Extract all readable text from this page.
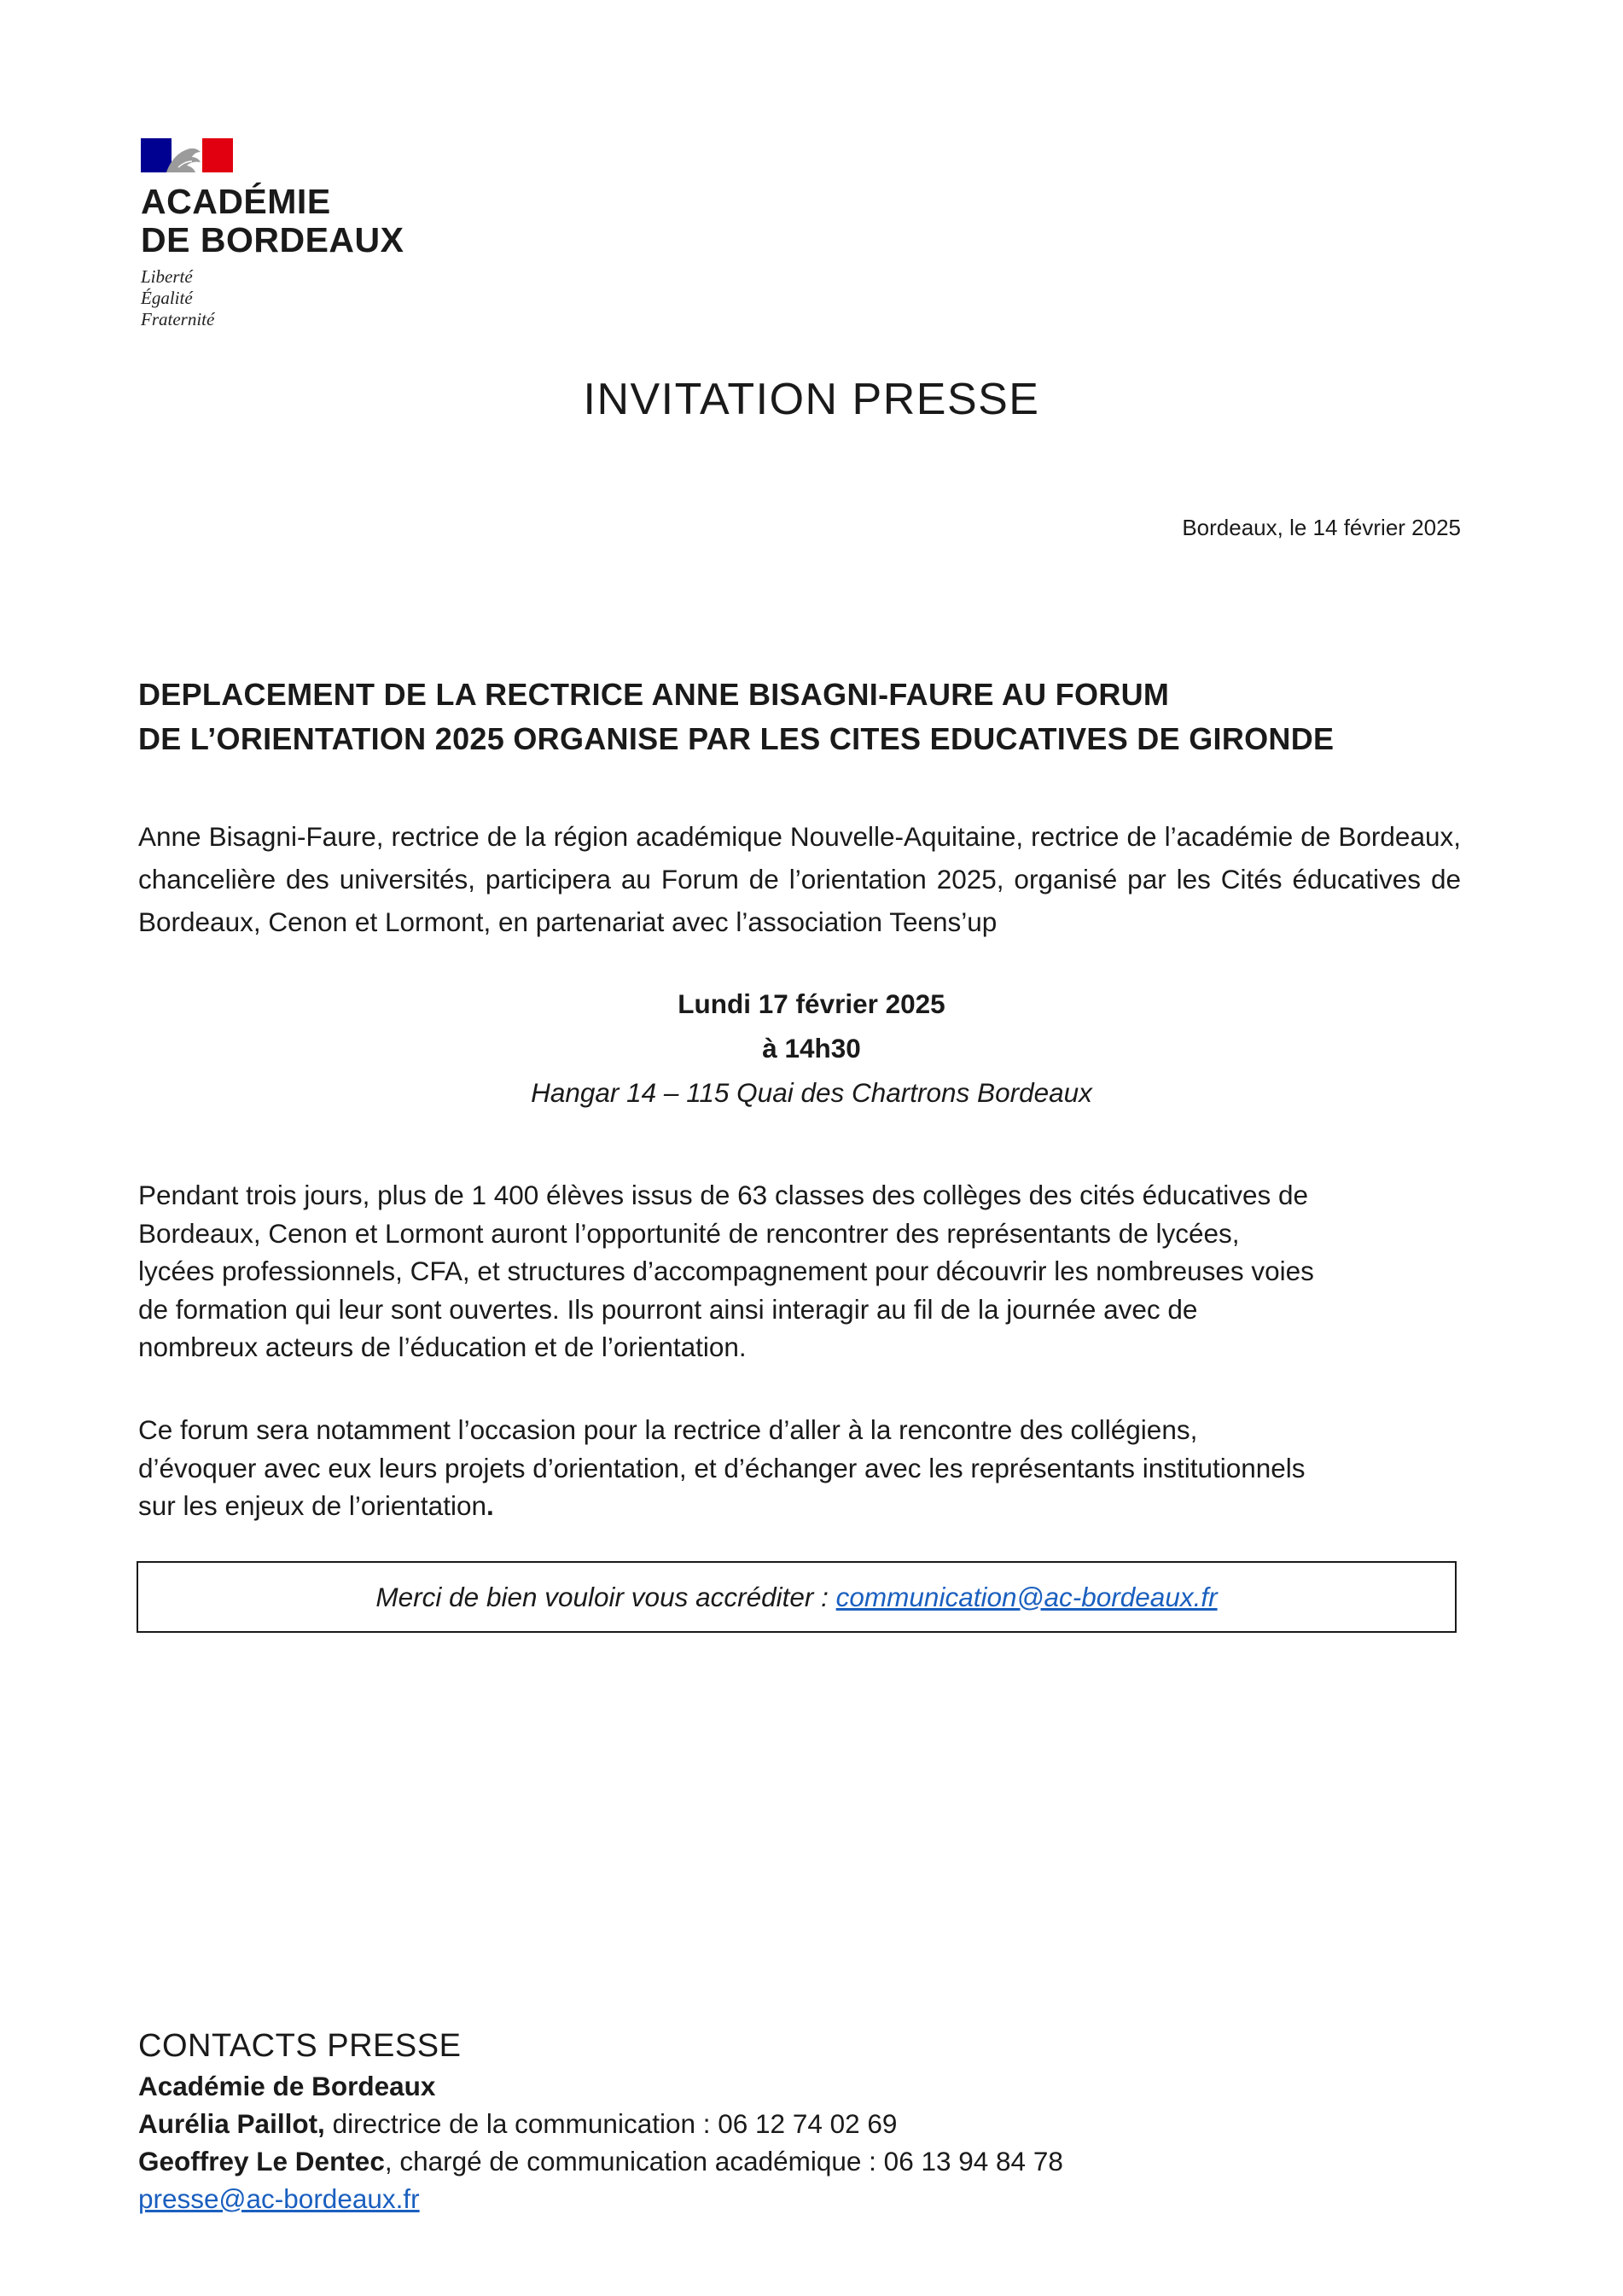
ACADÉMIE
DE BORDEAUX
Liberté
Égalité
Fraternité
INVITATION PRESSE
Bordeaux, le 14 février 2025
DEPLACEMENT DE LA RECTRICE ANNE BISAGNI-FAURE AU FORUM
DE L’ORIENTATION 2025 ORGANISE PAR LES CITES EDUCATIVES DE GIRONDE
Anne Bisagni-Faure, rectrice de la région académique Nouvelle-Aquitaine, rectrice de l’académie de Bordeaux, chancelière des universités, participera au Forum de l’orientation 2025, organisé par les Cités éducatives de Bordeaux, Cenon et Lormont, en partenariat avec l’association Teens’up
Lundi 17 février 2025
à 14h30
Hangar 14 – 115 Quai des Chartrons Bordeaux
Pendant trois jours, plus de 1 400 élèves issus de 63 classes des collèges des cités éducatives de
Bordeaux, Cenon et Lormont auront l’opportunité de rencontrer des représentants de lycées,
lycées professionnels, CFA, et structures d’accompagnement pour découvrir les nombreuses voies
de formation qui leur sont ouvertes. Ils pourront ainsi interagir au fil de la journée avec de
nombreux acteurs de l’éducation et de l’orientation.
Ce forum sera notamment l’occasion pour la rectrice d’aller à la rencontre des collégiens,
d’évoquer avec eux leurs projets d’orientation, et d’échanger avec les représentants institutionnels
sur les enjeux de l’orientation.
Merci de bien vouloir vous accréditer : communication@ac-bordeaux.fr
CONTACTS PRESSE
Académie de Bordeaux
Aurélia Paillot, directrice de la communication : 06 12 74 02 69
Geoffrey Le Dentec, chargé de communication académique : 06 13 94 84 78
presse@ac-bordeaux.fr
